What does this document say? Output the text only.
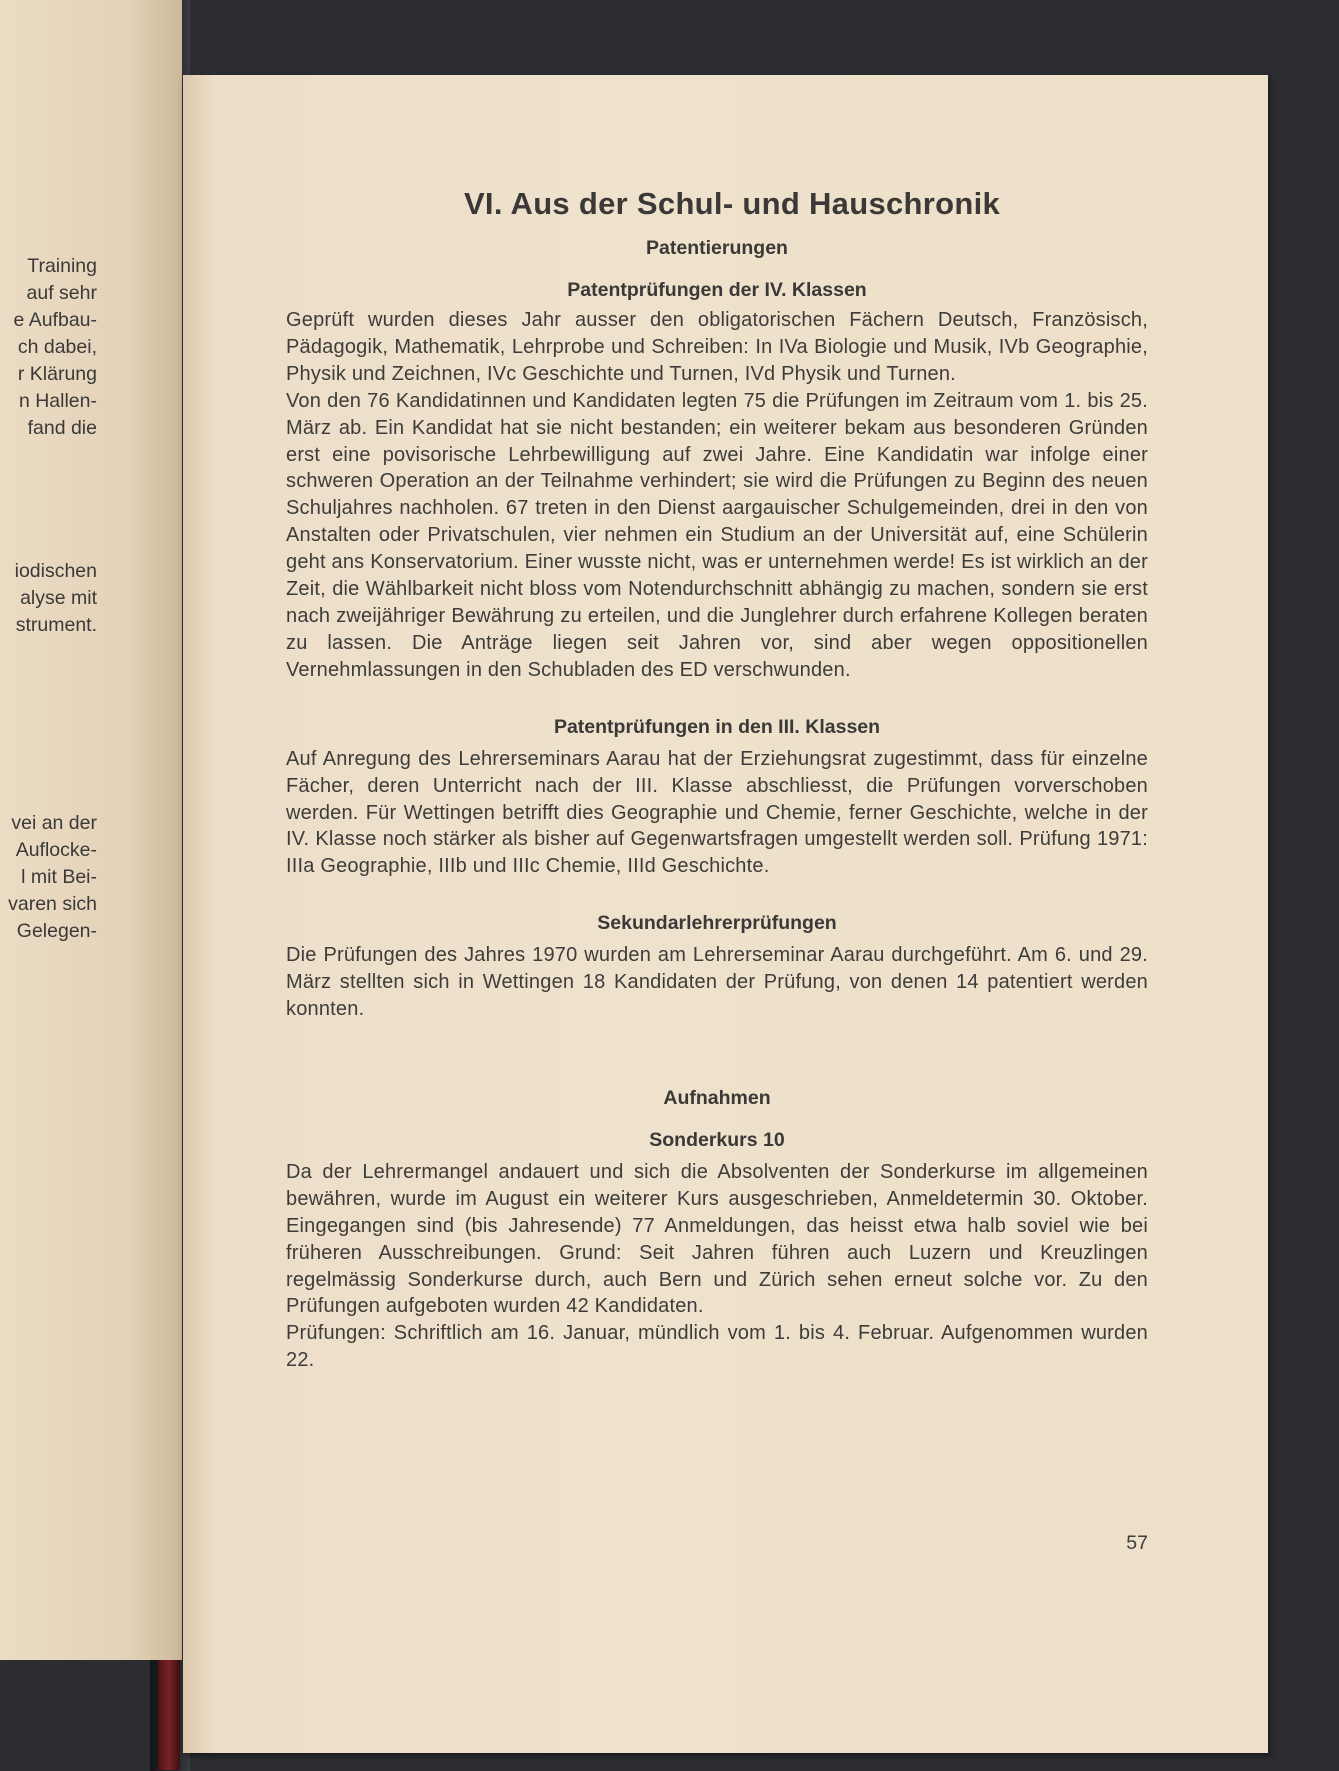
Training
auf sehr
e Aufbau-
ch dabei,
r Klärung
n Hallen-
fand die
iodischen
alyse mit
strument.
vei an der
Auflocke-
l mit Bei-
varen sich
Gelegen-
VI. Aus der Schul- und Hauschronik
Patentierungen
Patentprüfungen der IV. Klassen

Geprüft wurden dieses Jahr ausser den obligatorischen Fächern Deutsch, Französisch, Pädagogik, Mathematik, Lehrprobe und Schreiben: In IVa Biologie und Musik, IVb Geographie, Physik und Zeichnen, IVc Geschichte und Turnen, IVd Physik und Turnen.

Von den 76 Kandidatinnen und Kandidaten legten 75 die Prüfungen im Zeitraum vom 1. bis 25. März ab. Ein Kandidat hat sie nicht bestanden; ein weiterer bekam aus besonderen Gründen erst eine povisorische Lehrbewilligung auf zwei Jahre. Eine Kandidatin war infolge einer schweren Operation an der Teilnahme verhindert; sie wird die Prüfungen zu Beginn des neuen Schuljahres nachholen. 67 treten in den Dienst aargauischer Schulgemeinden, drei in den von Anstalten oder Privatschulen, vier nehmen ein Studium an der Universität auf, eine Schülerin geht ans Konservatorium. Einer wusste nicht, was er unternehmen werde! Es ist wirklich an der Zeit, die Wählbarkeit nicht bloss vom Notendurchschnitt abhängig zu machen, sondern sie erst nach zweijähriger Bewährung zu erteilen, und die Junglehrer durch erfahrene Kollegen beraten zu lassen. Die Anträge liegen seit Jahren vor, sind aber wegen oppositionellen Vernehmlassungen in den Schubladen des ED verschwunden.

Patentprüfungen in den III. Klassen

Auf Anregung des Lehrerseminars Aarau hat der Erziehungsrat zugestimmt, dass für einzelne Fächer, deren Unterricht nach der III. Klasse abschliesst, die Prüfungen vorverschoben werden. Für Wettingen betrifft dies Geographie und Chemie, ferner Geschichte, welche in der IV. Klasse noch stärker als bisher auf Gegenwartsfragen umgestellt werden soll. Prüfung 1971: IIIa Geographie, IIIb und IIIc Chemie, IIId Geschichte.

Sekundarlehrerprüfungen

Die Prüfungen des Jahres 1970 wurden am Lehrerseminar Aarau durchgeführt. Am 6. und 29. März stellten sich in Wettingen 18 Kandidaten der Prüfung, von denen 14 patentiert werden konnten.

Aufnahmen
Sonderkurs 10

Da der Lehrermangel andauert und sich die Absolventen der Sonderkurse im allgemeinen bewähren, wurde im August ein weiterer Kurs ausgeschrieben, Anmeldetermin 30. Oktober. Eingegangen sind (bis Jahresende) 77 Anmeldungen, das heisst etwa halb soviel wie bei früheren Ausschreibungen. Grund: Seit Jahren führen auch Luzern und Kreuzlingen regelmässig Sonderkurse durch, auch Bern und Zürich sehen erneut solche vor. Zu den Prüfungen aufgeboten wurden 42 Kandidaten.

Prüfungen: Schriftlich am 16. Januar, mündlich vom 1. bis 4. Februar. Aufgenommen wurden 22.

57
